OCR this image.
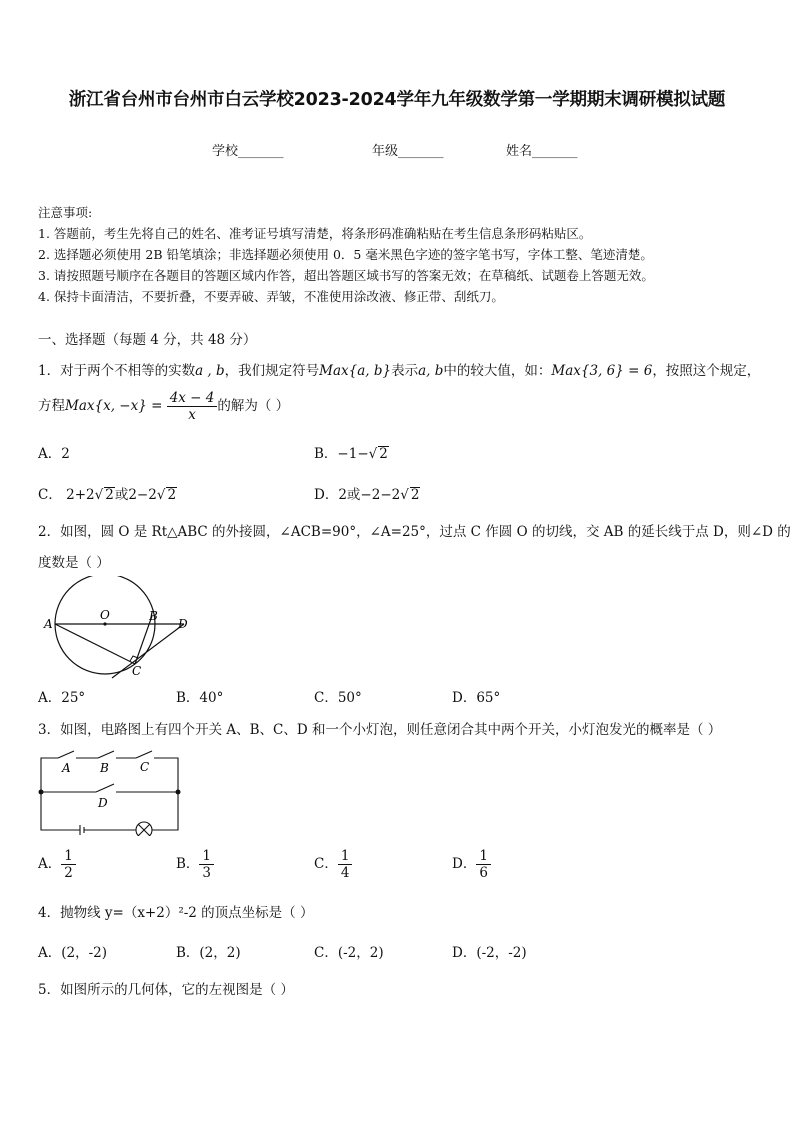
浙江省台州市台州市白云学校2023-2024学年九年级数学第一学期期末调研模拟试题
学校_______	年级_______	姓名_______
注意事项:
1. 答题前，考生先将自己的姓名、准考证号填写清楚，将条形码准确粘贴在考生信息条形码粘贴区。
2. 选择题必须使用 2B 铅笔填涂；非选择题必须使用 0．5 毫米黑色字迹的签字笔书写，字体工整、笔迹清楚。
3. 请按照题号顺序在各题目的答题区域内作答，超出答题区域书写的答案无效；在草稿纸、试题卷上答题无效。
4. 保持卡面清洁，不要折叠，不要弄破、弄皱，不准使用涂改液、修正带、刮纸刀。
一、选择题（每题 4 分，共 48 分）
1．对于两个不相等的实数a , b，我们规定符号Max{a, b}表示a, b中的较大值，如：Max{3, 6} = 6，按照这个规定，
方程Max{x, $-x\} = \frac{4x - 4}{x}$ 的解为（ ）
A．2	B．−1−√ 2
C． 2+2√ 2或2−2√ 2	D．2或−2−2√ 2
2．如图，圆 O 是 Rt△ABC 的外接圆，∠ACB=90°，∠A=25°，过点 C 作圆 O 的切线，交 AB 的延长线于点 D，则∠D 的
度数是（ ）
A
O	B
D
C
A．25°	B．40°	C．50°	D．65°
3．如图，电路图上有四个开关 A、B、C、D 和一个小灯泡，则任意闭合其中两个开关，小灯泡发光的概率是（ ）
A B	C
D
A． $\frac{1}{2}$	B． $\frac{1}{3}$	C． $\frac{1}{4}$	D． $\frac{1}{6}$
4．抛物线 y=（x+2）²-2 的顶点坐标是（ ）
A．(2，-2)	B．(2，2)	C．(-2，2)	D．(-2，-2)
5．如图所示的几何体，它的左视图是（ ）
